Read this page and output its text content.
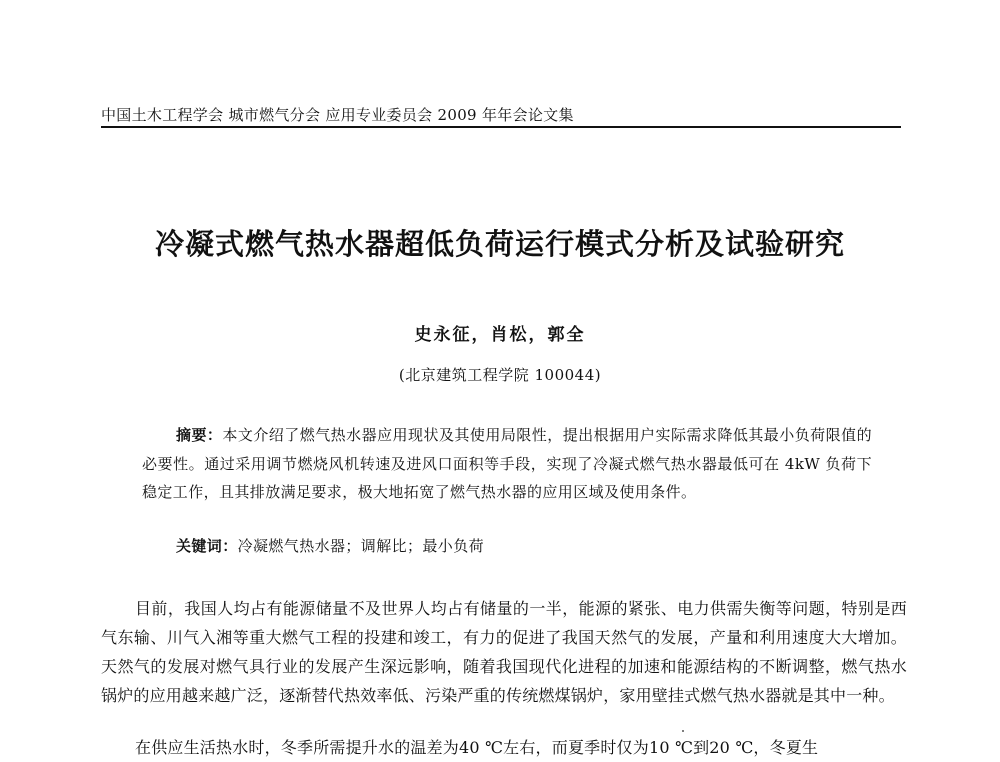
中国土木工程学会 城市燃气分会 应用专业委员会 2009 年年会论文集
冷凝式燃气热水器超低负荷运行模式分析及试验研究
史永征，肖松，郭全
(北京建筑工程学院 100044)
摘要：本文介绍了燃气热水器应用现状及其使用局限性，提出根据用户实际需求降低其最小负荷限值的必要性。通过采用调节燃烧风机转速及进风口面积等手段，实现了冷凝式燃气热水器最低可在 4kW 负荷下稳定工作，且其排放满足要求，极大地拓宽了燃气热水器的应用区域及使用条件。
关键词：冷凝燃气热水器；调解比；最小负荷
目前，我国人均占有能源储量不及世界人均占有储量的一半，能源的紧张、电力供需失衡等问题，特别是西气东输、川气入湘等重大燃气工程的投建和竣工，有力的促进了我国天然气的发展，产量和利用速度大大增加。天然气的发展对燃气具行业的发展产生深远影响，随着我国现代化进程的加速和能源结构的不断调整，燃气热水锅炉的应用越来越广泛，逐渐替代热效率低、污染严重的传统燃煤锅炉，家用壁挂式燃气热水器就是其中一种。
在供应生活热水时，冬季所需提升水的温差为40 ℃左右，而夏季时仅为10 ℃到20 ℃，冬夏生
